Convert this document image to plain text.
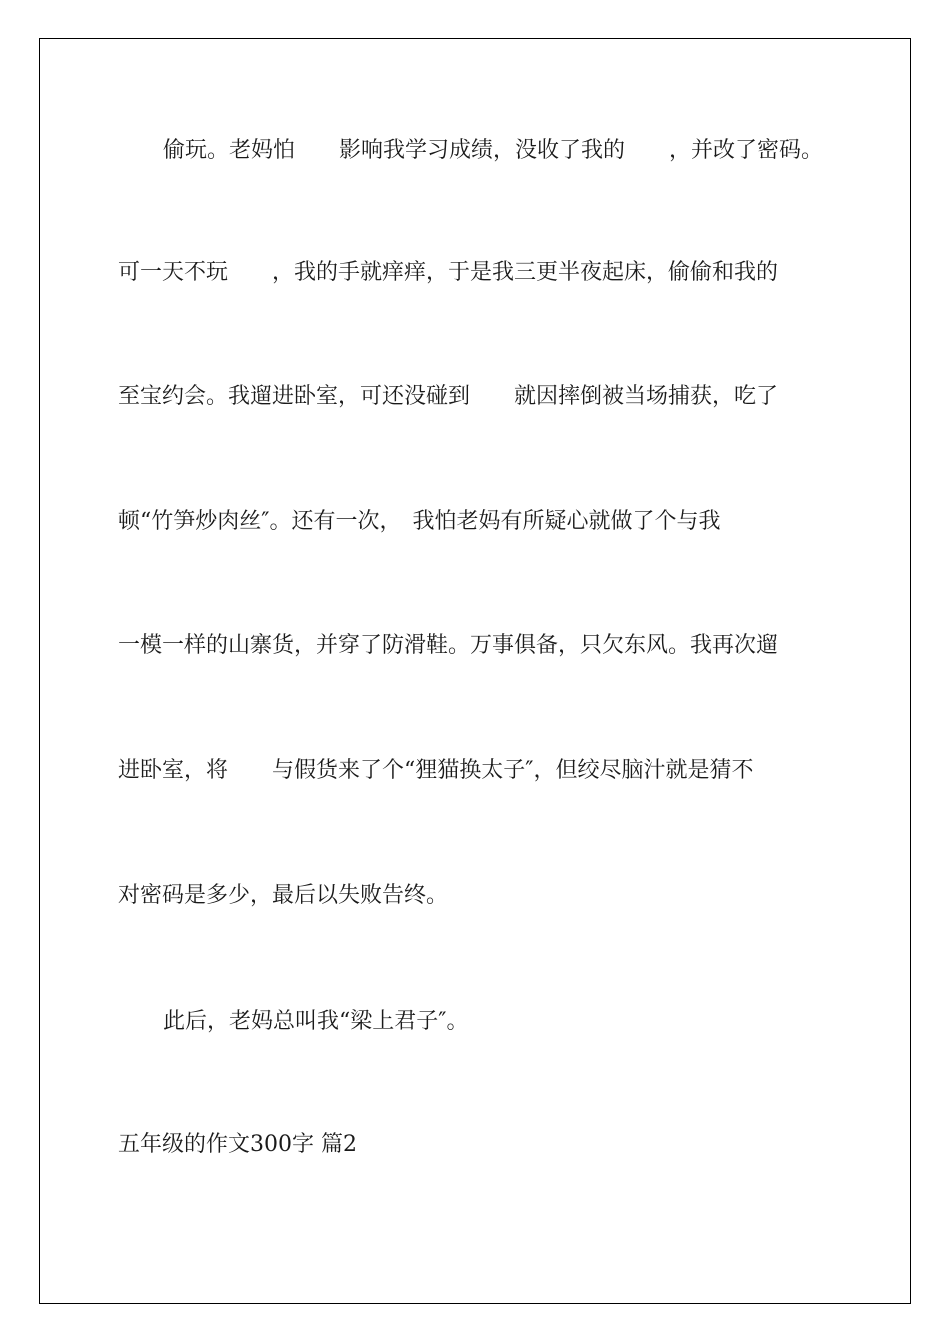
偷玩。老妈怕　　影响我学习成绩，没收了我的　　，并改了密码。
可一天不玩　　，我的手就痒痒，于是我三更半夜起床，偷偷和我的
至宝约会。我遛进卧室，可还没碰到　　就因摔倒被当场捕获，吃了
顿“竹笋炒肉丝″。还有一次，　我怕老妈有所疑心就做了个与我
一模一样的山寨货，并穿了防滑鞋。万事俱备，只欠东风。我再次遛
进卧室，将　　与假货来了个“狸猫换太子″，但绞尽脑汁就是猜不
对密码是多少，最后以失败告终。
此后，老妈总叫我“梁上君子″。
五年级的作文300字 篇2
